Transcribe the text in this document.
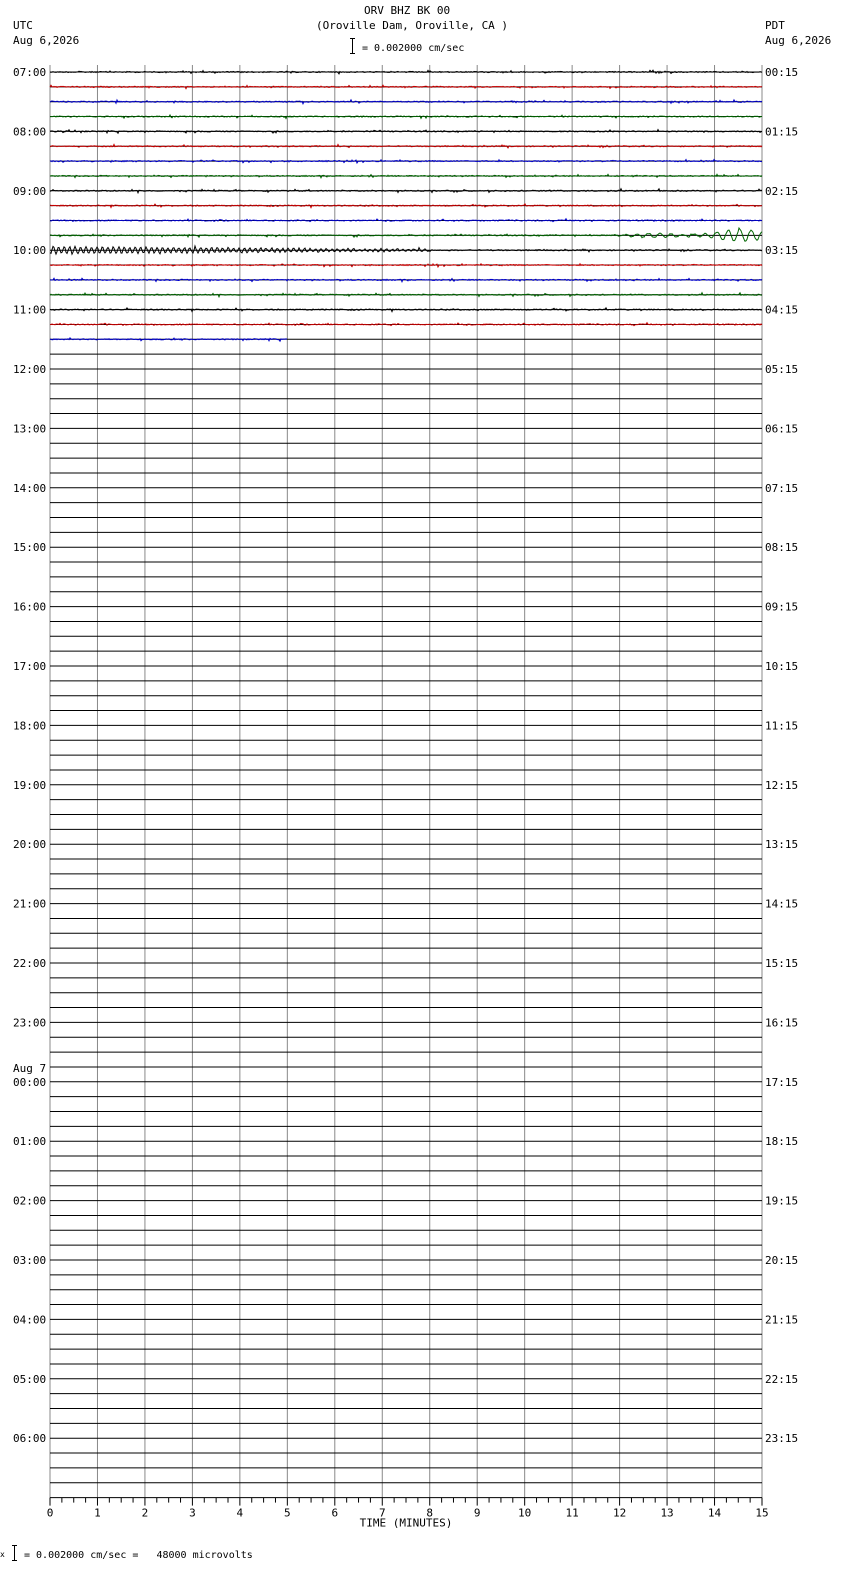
ORV BHZ BK 00
(Oroville Dam, Oroville, CA )
UTC
Aug 6,2026
PDT
Aug 6,2026
= 0.002000 cm/sec
0	1	2	3	4	5	6	7	8	9	10	11	12	13	14	15
TIME (MINUTES)
07:00
08:00
09:00
10:00
11:00
12:00
13:00
14:00
15:00
16:00
17:00
18:00
19:00
20:00
21:00
22:00
23:00
00:00
Aug 7
01:00
02:00
03:00
04:00
05:00
06:00
00:15
01:15
02:15
03:15
04:15
05:15
06:15
07:15
08:15
09:15
10:15
11:15
12:15
13:15
14:15
15:15
16:15
17:15
18:15
19:15
20:15
21:15
22:15
23:15
x = 0.002000 cm/sec =   48000 microvolts
